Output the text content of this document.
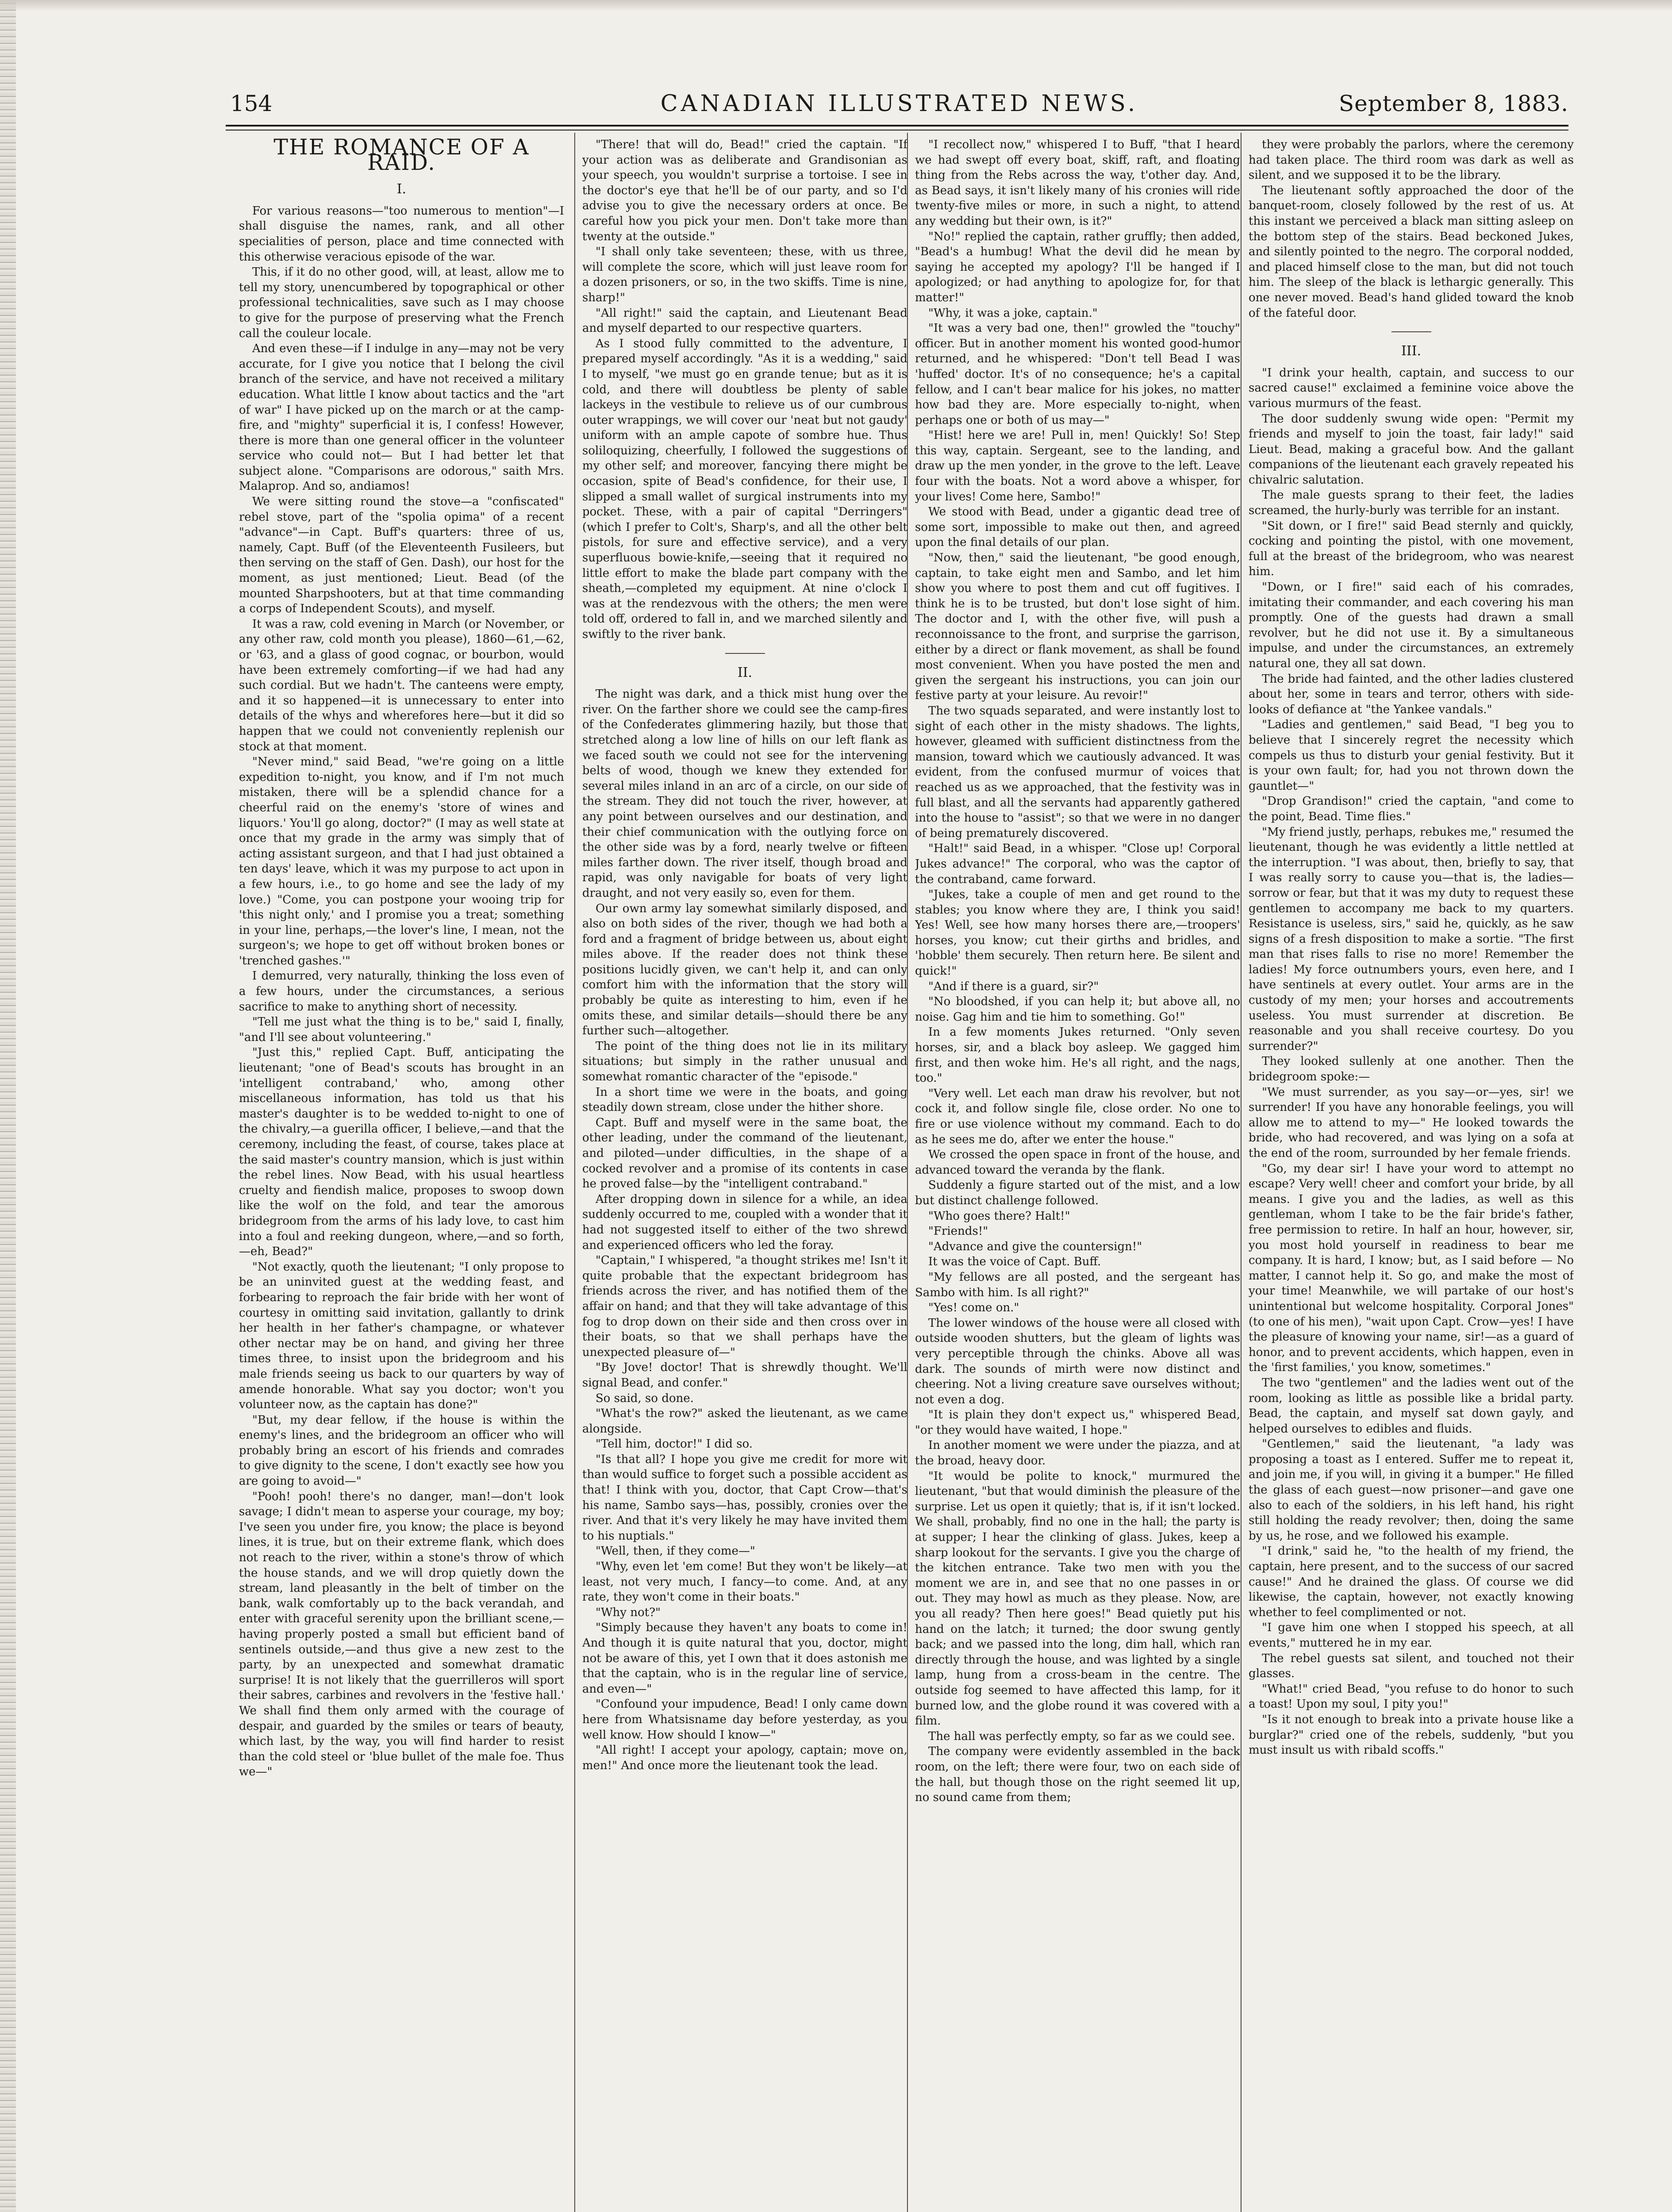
CANADIAN ILLUSTRATED NEWS.
154	September 8, 1883.
THE ROMANCE OF A RAID.
I.

For various reasons—"too numerous to mention"—I shall disguise the names, rank, and all other specialities of person, place and time connected with this otherwise veracious episode of the war.

This, if it do no other good, will, at least, allow me to tell my story, unencumbered by topographical or other professional technicalities, save such as I may choose to give for the purpose of preserving what the French call the couleur locale.

And even these—if I indulge in any—may not be very accurate, for I give you notice that I belong the civil branch of the service, and have not received a military education. What little I know about tactics and the "art of war" I have picked up on the march or at the camp-fire, and "mighty" superficial it is, I confess! However, there is more than one general officer in the volunteer service who could not— But I had better let that subject alone. "Comparisons are odorous," saith Mrs. Malaprop. And so, andiamos!

We were sitting round the stove—a "confiscated" rebel stove, part of the "spolia opima" of a recent "advance"—in Capt. Buff's quarters: three of us, namely, Capt. Buff (of the Eleventeenth Fusileers, but then serving on the staff of Gen. Dash), our host for the moment, as just mentioned; Lieut. Bead (of the mounted Sharpshooters, but at that time commanding a corps of Independent Scouts), and myself.

It was a raw, cold evening in March (or November, or any other raw, cold month you please), 1860—61,—62, or '63, and a glass of good cognac, or bourbon, would have been extremely comforting—if we had had any such cordial. But we hadn't. The canteens were empty, and it so happened—it is unnecessary to enter into details of the whys and wherefores here—but it did so happen that we could not conveniently replenish our stock at that moment.

"Never mind," said Bead, "we're going on a little expedition to-night, you know, and if I'm not much mistaken, there will be a splendid chance for a cheerful raid on the enemy's 'store of wines and liquors.' You'll go along, doctor?" (I may as well state at once that my grade in the army was simply that of acting assistant surgeon, and that I had just obtained a ten days' leave, which it was my purpose to act upon in a few hours, i.e., to go home and see the lady of my love.) "Come, you can postpone your wooing trip for 'this night only,' and I promise you a treat; something in your line, perhaps,—the lover's line, I mean, not the surgeon's; we hope to get off without broken bones or 'trenched gashes.'"

I demurred, very naturally, thinking the loss even of a few hours, under the circumstances, a serious sacrifice to make to anything short of necessity.

"Tell me just what the thing is to be," said I, finally, "and I'll see about volunteering."

"Just this," replied Capt. Buff, anticipating the lieutenant; "one of Bead's scouts has brought in an 'intelligent contraband,' who, among other miscellaneous information, has told us that his master's daughter is to be wedded to-night to one of the chivalry,—a guerilla officer, I believe,—and that the ceremony, including the feast, of course, takes place at the said master's country mansion, which is just within the rebel lines. Now Bead, with his usual heartless cruelty and fiendish malice, proposes to swoop down like the wolf on the fold, and tear the amorous bridegroom from the arms of his lady love, to cast him into a foul and reeking dungeon, where,—and so forth,—eh, Bead?"

"Not exactly, quoth the lieutenant; "I only propose to be an uninvited guest at the wedding feast, and forbearing to reproach the fair bride with her wont of courtesy in omitting said invitation, gallantly to drink her health in her father's champagne, or whatever other nectar may be on hand, and giving her three times three, to insist upon the bridegroom and his male friends seeing us back to our quarters by way of amende honorable. What say you doctor; won't you volunteer now, as the captain has done?"

"But, my dear fellow, if the house is within the enemy's lines, and the bridegroom an officer who will probably bring an escort of his friends and comrades to give dignity to the scene, I don't exactly see how you are going to avoid—"

"Pooh! pooh! there's no danger, man!—don't look savage; I didn't mean to asperse your courage, my boy; I've seen you under fire, you know; the place is beyond lines, it is true, but on their extreme flank, which does not reach to the river, within a stone's throw of which the house stands, and we will drop quietly down the stream, land pleasantly in the belt of timber on the bank, walk comfortably up to the back verandah, and enter with graceful serenity upon the brilliant scene,—having properly posted a small but efficient band of sentinels outside,—and thus give a new zest to the party, by an unexpected and somewhat dramatic surprise! It is not likely that the guerrilleros will sport their sabres, carbines and revolvers in the 'festive hall.' We shall find them only armed with the courage of despair, and guarded by the smiles or tears of beauty, which last, by the way, you will find harder to resist than the cold steel or 'blue bullet of the male foe. Thus we—"

"There! that will do, Bead!" cried the captain. "If your action was as deliberate and Grandisonian as your speech, you wouldn't surprise a tortoise. I see in the doctor's eye that he'll be of our party, and so I'd advise you to give the necessary orders at once. Be careful how you pick your men. Don't take more than twenty at the outside."

"I shall only take seventeen; these, with us three, will complete the score, which will just leave room for a dozen prisoners, or so, in the two skiffs. Time is nine, sharp!"

"All right!" said the captain, and Lieutenant Bead and myself departed to our respective quarters.

As I stood fully committed to the adventure, I prepared myself accordingly. "As it is a wedding," said I to myself, "we must go en grande tenue; but as it is cold, and there will doubtless be plenty of sable lackeys in the vestibule to relieve us of our cumbrous outer wrappings, we will cover our 'neat but not gaudy' uniform with an ample capote of sombre hue. Thus soliloquizing, cheerfully, I followed the suggestions of my other self; and moreover, fancying there might be occasion, spite of Bead's confidence, for their use, I slipped a small wallet of surgical instruments into my pocket. These, with a pair of capital "Derringers" (which I prefer to Colt's, Sharp's, and all the other belt pistols, for sure and effective service), and a very superfluous bowie-knife,—seeing that it required no little effort to make the blade part company with the sheath,—completed my equipment. At nine o'clock I was at the rendezvous with the others; the men were told off, ordered to fall in, and we marched silently and swiftly to the river bank.

II.

The night was dark, and a thick mist hung over the river. On the farther shore we could see the camp-fires of the Confederates glimmering hazily, but those that stretched along a low line of hills on our left flank as we faced south we could not see for the intervening belts of wood, though we knew they extended for several miles inland in an arc of a circle, on our side of the stream. They did not touch the river, however, at any point between ourselves and our destination, and their chief communication with the outlying force on the other side was by a ford, nearly twelve or fifteen miles farther down. The river itself, though broad and rapid, was only navigable for boats of very light draught, and not very easily so, even for them.

Our own army lay somewhat similarly disposed, and also on both sides of the river, though we had both a ford and a fragment of bridge between us, about eight miles above. If the reader does not think these positions lucidly given, we can't help it, and can only comfort him with the information that the story will probably be quite as interesting to him, even if he omits these, and similar details—should there be any further such—altogether.

The point of the thing does not lie in its military situations; but simply in the rather unusual and somewhat romantic character of the "episode."

In a short time we were in the boats, and going steadily down stream, close under the hither shore.

Capt. Buff and myself were in the same boat, the other leading, under the command of the lieutenant, and piloted—under difficulties, in the shape of a cocked revolver and a promise of its contents in case he proved false—by the "intelligent contraband."

After dropping down in silence for a while, an idea suddenly occurred to me, coupled with a wonder that it had not suggested itself to either of the two shrewd and experienced officers who led the foray.

"Captain," I whispered, "a thought strikes me! Isn't it quite probable that the expectant bridegroom has friends across the river, and has notified them of the affair on hand; and that they will take advantage of this fog to drop down on their side and then cross over in their boats, so that we shall perhaps have the unexpected pleasure of—"

"By Jove! doctor! That is shrewdly thought. We'll signal Bead, and confer."

So said, so done.

"What's the row?" asked the lieutenant, as we came alongside.

"Tell him, doctor!" I did so.

"Is that all? I hope you give me credit for more wit than would suffice to forget such a possible accident as that! I think with you, doctor, that Capt Crow—that's his name, Sambo says—has, possibly, cronies over the river. And that it's very likely he may have invited them to his nuptials."

"Well, then, if they come—"

"Why, even let 'em come! But they won't be likely—at least, not very much, I fancy—to come. And, at any rate, they won't come in their boats."

"Why not?"

"Simply because they haven't any boats to come in! And though it is quite natural that you, doctor, might not be aware of this, yet I own that it does astonish me that the captain, who is in the regular line of service, and even—"

"Confound your impudence, Bead! I only came down here from Whatsisname day before yesterday, as you well know. How should I know—"

"All right! I accept your apology, captain; move on, men!" And once more the lieutenant took the lead.

"I recollect now," whispered I to Buff, "that I heard we had swept off every boat, skiff, raft, and floating thing from the Rebs across the way, t'other day. And, as Bead says, it isn't likely many of his cronies will ride twenty-five miles or more, in such a night, to attend any wedding but their own, is it?"

"No!" replied the captain, rather gruffly; then added, "Bead's a humbug! What the devil did he mean by saying he accepted my apology? I'll be hanged if I apologized; or had anything to apologize for, for that matter!"

"Why, it was a joke, captain."

"It was a very bad one, then!" growled the "touchy" officer. But in another moment his wonted good-humor returned, and he whispered: "Don't tell Bead I was 'huffed' doctor. It's of no consequence; he's a capital fellow, and I can't bear malice for his jokes, no matter how bad they are. More especially to-night, when perhaps one or both of us may—"

"Hist! here we are! Pull in, men! Quickly! So! Step this way, captain. Sergeant, see to the landing, and draw up the men yonder, in the grove to the left. Leave four with the boats. Not a word above a whisper, for your lives! Come here, Sambo!"

We stood with Bead, under a gigantic dead tree of some sort, impossible to make out then, and agreed upon the final details of our plan.

"Now, then," said the lieutenant, "be good enough, captain, to take eight men and Sambo, and let him show you where to post them and cut off fugitives. I think he is to be trusted, but don't lose sight of him. The doctor and I, with the other five, will push a reconnoissance to the front, and surprise the garrison, either by a direct or flank movement, as shall be found most convenient. When you have posted the men and given the sergeant his instructions, you can join our festive party at your leisure. Au revoir!"

The two squads separated, and were instantly lost to sight of each other in the misty shadows. The lights, however, gleamed with sufficient distinctness from the mansion, toward which we cautiously advanced. It was evident, from the confused murmur of voices that reached us as we approached, that the festivity was in full blast, and all the servants had apparently gathered into the house to "assist"; so that we were in no danger of being prematurely discovered.

"Halt!" said Bead, in a whisper. "Close up! Corporal Jukes advance!" The corporal, who was the captor of the contraband, came forward.

"Jukes, take a couple of men and get round to the stables; you know where they are, I think you said! Yes! Well, see how many horses there are,—troopers' horses, you know; cut their girths and bridles, and 'hobble' them securely. Then return here. Be silent and quick!"

"And if there is a guard, sir?"

"No bloodshed, if you can help it; but above all, no noise. Gag him and tie him to something. Go!"

In a few moments Jukes returned. "Only seven horses, sir, and a black boy asleep. We gagged him first, and then woke him. He's all right, and the nags, too."

"Very well. Let each man draw his revolver, but not cock it, and follow single file, close order. No one to fire or use violence without my command. Each to do as he sees me do, after we enter the house."

We crossed the open space in front of the house, and advanced toward the veranda by the flank.

Suddenly a figure started out of the mist, and a low but distinct challenge followed.

"Who goes there? Halt!"

"Friends!"

"Advance and give the countersign!"

It was the voice of Capt. Buff.

"My fellows are all posted, and the sergeant has Sambo with him. Is all right?"

"Yes! come on."

The lower windows of the house were all closed with outside wooden shutters, but the gleam of lights was very perceptible through the chinks. Above all was dark. The sounds of mirth were now distinct and cheering. Not a living creature save ourselves without; not even a dog.

"It is plain they don't expect us," whispered Bead, "or they would have waited, I hope."

In another moment we were under the piazza, and at the broad, heavy door.

"It would be polite to knock," murmured the lieutenant, "but that would diminish the pleasure of the surprise. Let us open it quietly; that is, if it isn't locked. We shall, probably, find no one in the hall; the party is at supper; I hear the clinking of glass. Jukes, keep a sharp lookout for the servants. I give you the charge of the kitchen entrance. Take two men with you the moment we are in, and see that no one passes in or out. They may howl as much as they please. Now, are you all ready? Then here goes!" Bead quietly put his hand on the latch; it turned; the door swung gently back; and we passed into the long, dim hall, which ran directly through the house, and was lighted by a single lamp, hung from a cross-beam in the centre. The outside fog seemed to have affected this lamp, for it burned low, and the globe round it was covered with a film.

The hall was perfectly empty, so far as we could see.

The company were evidently assembled in the back room, on the left; there were four, two on each side of the hall, but though those on the right seemed lit up, no sound came from them;

they were probably the parlors, where the ceremony had taken place. The third room was dark as well as silent, and we supposed it to be the library.

The lieutenant softly approached the door of the banquet-room, closely followed by the rest of us. At this instant we perceived a black man sitting asleep on the bottom step of the stairs. Bead beckoned Jukes, and silently pointed to the negro. The corporal nodded, and placed himself close to the man, but did not touch him. The sleep of the black is lethargic generally. This one never moved. Bead's hand glided toward the knob of the fateful door.

III.

"I drink your health, captain, and success to our sacred cause!" exclaimed a feminine voice above the various murmurs of the feast.

The door suddenly swung wide open: "Permit my friends and myself to join the toast, fair lady!" said Lieut. Bead, making a graceful bow. And the gallant companions of the lieutenant each gravely repeated his chivalric salutation.

The male guests sprang to their feet, the ladies screamed, the hurly-burly was terrible for an instant.

"Sit down, or I fire!" said Bead sternly and quickly, cocking and pointing the pistol, with one movement, full at the breast of the bridegroom, who was nearest him.

"Down, or I fire!" said each of his comrades, imitating their commander, and each covering his man promptly. One of the guests had drawn a small revolver, but he did not use it. By a simultaneous impulse, and under the circumstances, an extremely natural one, they all sat down.

The bride had fainted, and the other ladies clustered about her, some in tears and terror, others with side-looks of defiance at "the Yankee vandals."

"Ladies and gentlemen," said Bead, "I beg you to believe that I sincerely regret the necessity which compels us thus to disturb your genial festivity. But it is your own fault; for, had you not thrown down the gauntlet—"

"Drop Grandison!" cried the captain, "and come to the point, Bead. Time flies."

"My friend justly, perhaps, rebukes me," resumed the lieutenant, though he was evidently a little nettled at the interruption. "I was about, then, briefly to say, that I was really sorry to cause you—that is, the ladies—sorrow or fear, but that it was my duty to request these gentlemen to accompany me back to my quarters. Resistance is useless, sirs," said he, quickly, as he saw signs of a fresh disposition to make a sortie. "The first man that rises falls to rise no more! Remember the ladies! My force outnumbers yours, even here, and I have sentinels at every outlet. Your arms are in the custody of my men; your horses and accoutrements useless. You must surrender at discretion. Be reasonable and you shall receive courtesy. Do you surrender?"

They looked sullenly at one another. Then the bridegroom spoke:—

"We must surrender, as you say—or—yes, sir! we surrender! If you have any honorable feelings, you will allow me to attend to my—" He looked towards the bride, who had recovered, and was lying on a sofa at the end of the room, surrounded by her female friends.

"Go, my dear sir! I have your word to attempt no escape? Very well! cheer and comfort your bride, by all means. I give you and the ladies, as well as this gentleman, whom I take to be the fair bride's father, free permission to retire. In half an hour, however, sir, you most hold yourself in readiness to bear me company. It is hard, I know; but, as I said before — No matter, I cannot help it. So go, and make the most of your time! Meanwhile, we will partake of our host's unintentional but welcome hospitality. Corporal Jones" (to one of his men), "wait upon Capt. Crow—yes! I have the pleasure of knowing your name, sir!—as a guard of honor, and to prevent accidents, which happen, even in the 'first families,' you know, sometimes."

The two "gentlemen" and the ladies went out of the room, looking as little as possible like a bridal party. Bead, the captain, and myself sat down gayly, and helped ourselves to edibles and fluids.

"Gentlemen," said the lieutenant, "a lady was proposing a toast as I entered. Suffer me to repeat it, and join me, if you will, in giving it a bumper." He filled the glass of each guest—now prisoner—and gave one also to each of the soldiers, in his left hand, his right still holding the ready revolver; then, doing the same by us, he rose, and we followed his example.

"I drink," said he, "to the health of my friend, the captain, here present, and to the success of our sacred cause!" And he drained the glass. Of course we did likewise, the captain, however, not exactly knowing whether to feel complimented or not.

"I gave him one when I stopped his speech, at all events," muttered he in my ear.

The rebel guests sat silent, and touched not their glasses.

"What!" cried Bead, "you refuse to do honor to such a toast! Upon my soul, I pity you!"

"Is it not enough to break into a private house like a burglar?" cried one of the rebels, suddenly, "but you must insult us with ribald scoffs."
